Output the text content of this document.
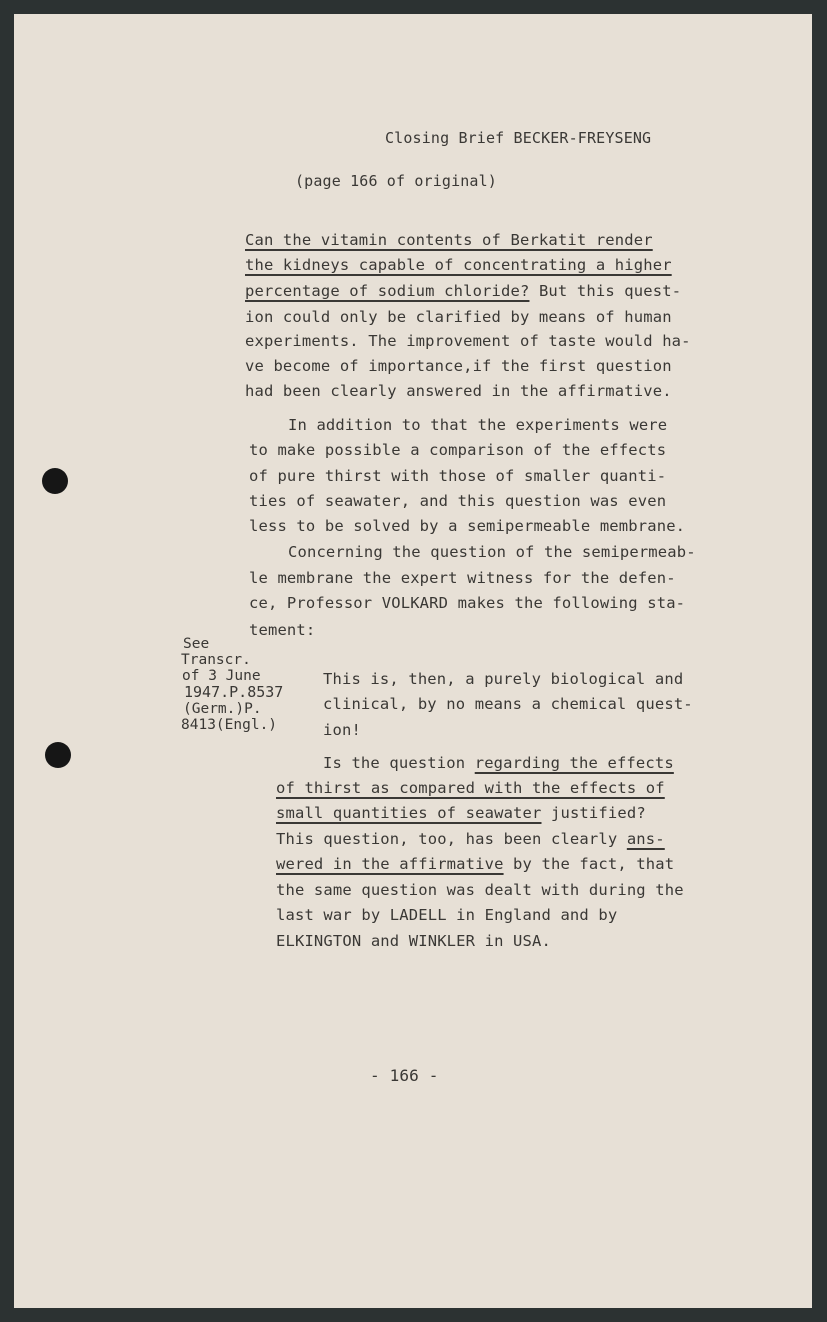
Closing Brief BECKER-FREYSENG
(page 166 of original)
Can the vitamin contents of Berkatit render
the kidneys capable of concentrating a higher
percentage of sodium chloride? But this quest-
ion could only be clarified by means of human
experiments. The improvement of taste would ha-
ve become of importance,if the first question
had been clearly answered in the affirmative.
In addition to that the experiments were
to make possible a comparison of the effects
of pure thirst with those of smaller quanti-
ties of seawater, and this question was even
less to be solved by a semipermeable membrane.
Concerning the question of the semipermeab-
le membrane the expert witness for the defen-
ce, Professor VOLKARD makes the following sta-
tement:
See
Transcr.
of 3 June
1947.P.8537
(Germ.)P.
8413(Engl.)
This is, then, a purely biological and
clinical, by no means a chemical quest-
ion!
Is the question regarding the effects
of thirst as compared with the effects of
small quantities of seawater justified?
This question, too, has been clearly ans-
wered in the affirmative by the fact, that
the same question was dealt with during the
last war by LADELL in England and by
ELKINGTON and WINKLER in USA.
- 166 -
